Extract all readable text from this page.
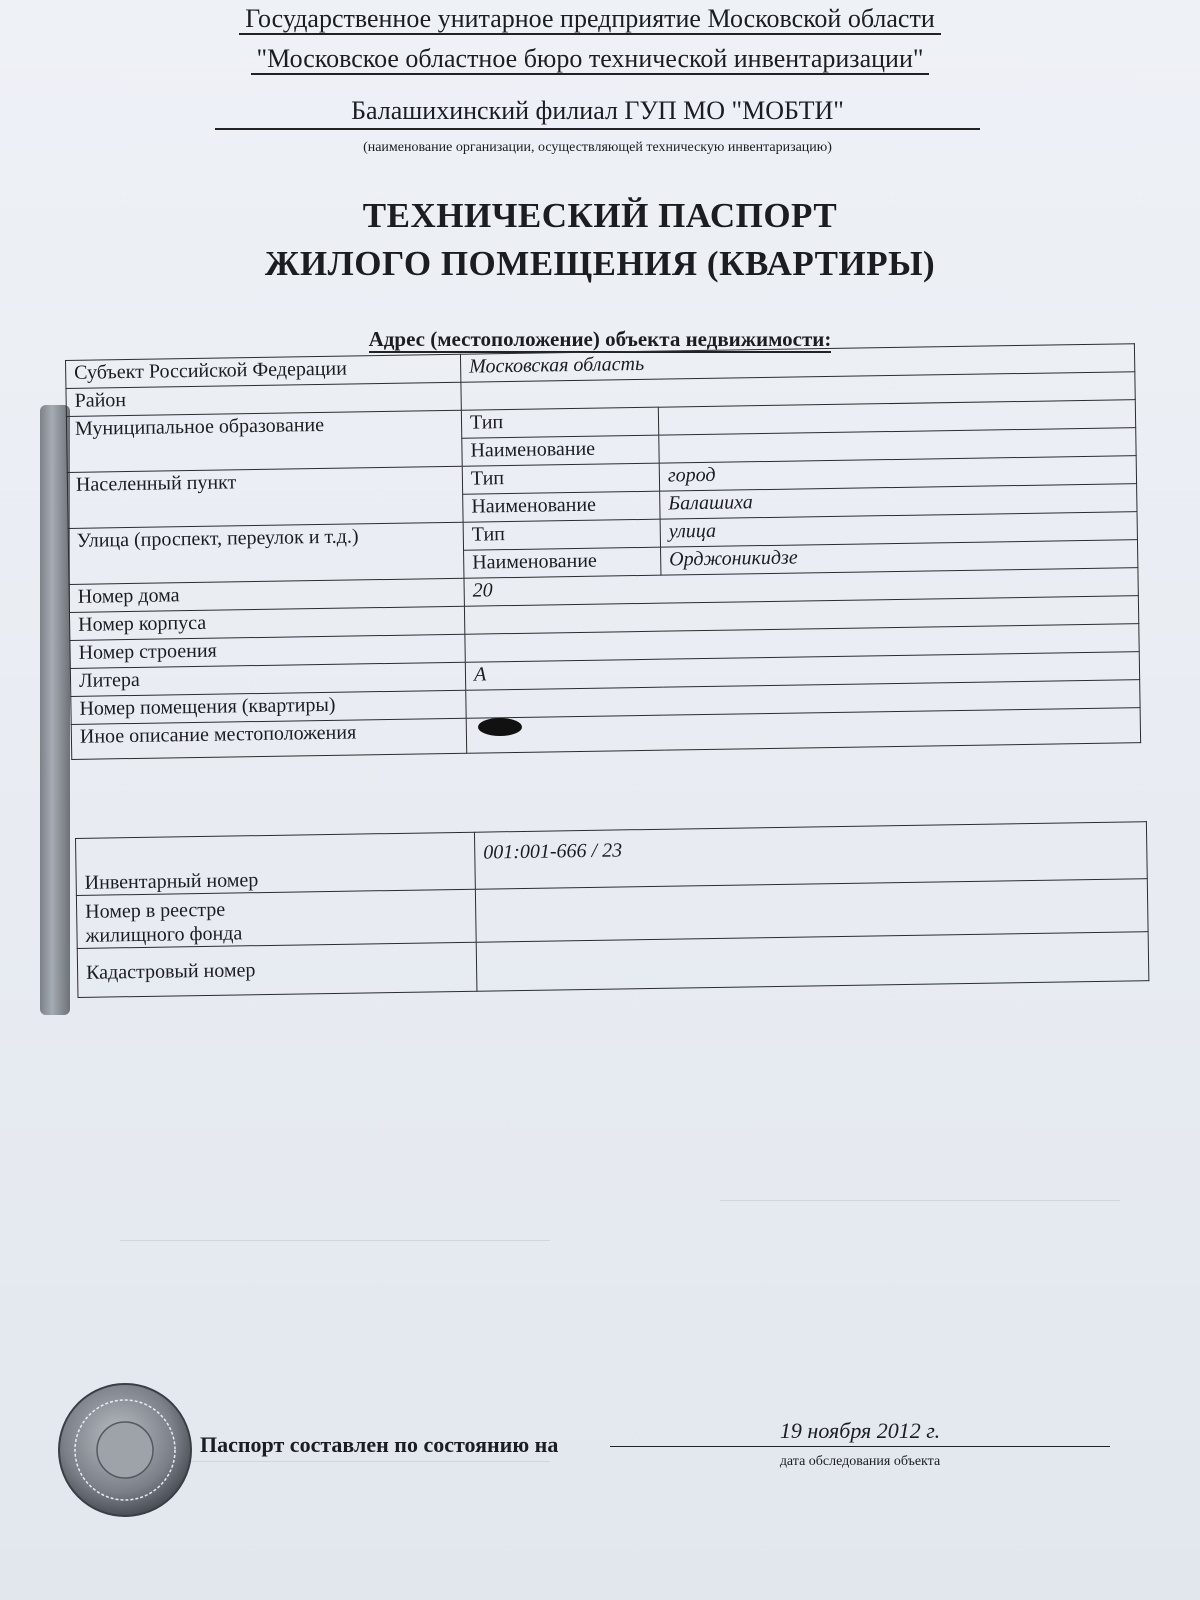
Государственное унитарное предприятие Московской области
"Московское областное бюро технической инвентаризации"
Балашихинский филиал ГУП МО "МОБТИ"
(наименование организации, осуществляющей техническую инвентаризацию)
ТЕХНИЧЕСКИЙ ПАСПОРТ
ЖИЛОГО ПОМЕЩЕНИЯ (КВАРТИРЫ)
Адрес (местоположение) объекта недвижимости:
Субъект Российской Федерации	Московская область	
Район		
Муниципальное образование	Тип	
	Наименование	
Населенный пункт	Тип	город
	Наименование	Балашиха
Улица (проспект, переулок и т.д.)	Тип	улица
	Наименование	Орджоникидзе
Номер дома	20	
Номер корпуса		
Номер строения		
Литера	А	
Номер помещения (квартиры)		
Иное описание местоположения		
Инвентарный номер	001:001-666 / 23

Номер в реестре
жилищного фонда	

Кадастровый номер	
Паспорт составлен по состоянию на
19 ноября 2012 г.
дата обследования объекта
